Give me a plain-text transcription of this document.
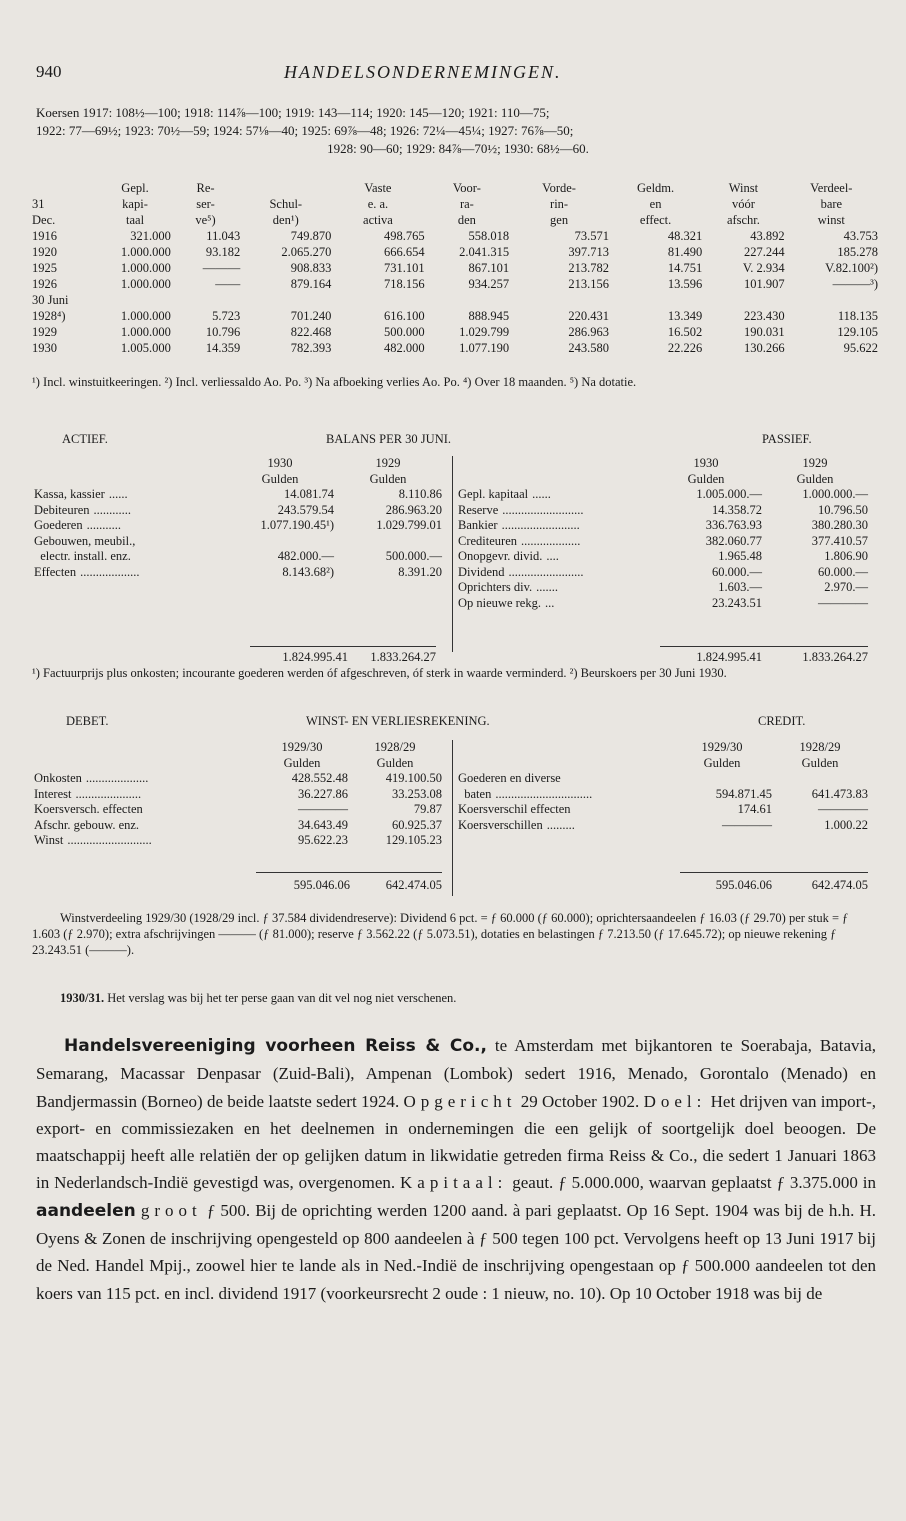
940	HANDELSONDERNEMINGEN.
Koersen 1917: 108½—100; 1918: 114⅞—100; 1919: 143—114; 1920: 145—120; 1921: 110—75;
1922: 77—69½; 1923: 70½—59; 1924: 57⅛—40; 1925: 69⅞—48; 1926: 72¼—45¼; 1927: 76⅞—50;
1928: 90—60; 1929: 84⅞—70½; 1930: 68½—60.
	Gepl.	Re-		Vaste	Voor-	Vorde-	Geldm.	Winst	Verdeel-
31	kapi-	ser-	Schul-	e. a.	ra-	rin-	en	vóór	bare
Dec.	taal	ve⁵)	den¹)	activa	den	gen	effect.	afschr.	winst
1916	321.000	11.043	749.870	498.765	558.018	73.571	48.321	43.892	43.753
1920	1.000.000	93.182	2.065.270	666.654	2.041.315	397.713	81.490	227.244	185.278
1925	1.000.000	———	908.833	731.101	867.101	213.782	14.751	V. 2.934	V.82.100²)
1926	1.000.000	——	879.164	718.156	934.257	213.156	13.596	101.907	———³)
30 Juni									
1928⁴)	1.000.000	5.723	701.240	616.100	888.945	220.431	13.349	223.430	118.135
1929	1.000.000	10.796	822.468	500.000	1.029.799	286.963	16.502	190.031	129.105
1930	1.005.000	14.359	782.393	482.000	1.077.190	243.580	22.226	130.266	95.622
¹) Incl. winstuitkeeringen. ²) Incl. verliessaldo Ao. Po. ³) Na afboeking verlies Ao. Po. ⁴) Over 18 maanden. ⁵) Na dotatie.
ACTIEF.	BALANS PER 30 JUNI.	PASSIEF.
	1930	1929
	Gulden	Gulden
Kassa, kassier ......	14.081.74	8.110.86
Debiteuren ............	243.579.54	286.963.20
Goederen ...........	1.077.190.45¹)	1.029.799.01
Gebouwen, meubil.,		
electr. install. enz.	482.000.—	500.000.—
Effecten ...................	8.143.68²)	8.391.20
	1930	1929
	Gulden	Gulden
Gepl. kapitaal ......	1.005.000.—	1.000.000.—
Reserve ..........................	14.358.72	10.796.50
Bankier .........................	336.763.93	380.280.30
Crediteuren ...................	382.060.77	377.410.57
Onopgevr. divid. ....	1.965.48	1.806.90
Dividend ........................	60.000.—	60.000.—
Oprichters div. .......	1.603.—	2.970.—
Op nieuwe rekg. ...	23.243.51	————
1.824.995.41 1.833.264.27	1.824.995.41	1.833.264.27
¹) Factuurprijs plus onkosten; incourante goederen werden óf afgeschreven, óf sterk in waarde verminderd. ²) Beurskoers per 30 Juni 1930.
DEBET.	WINST- EN VERLIESREKENING.	CREDIT.
	1929/30	1928/29
	Gulden	Gulden
Onkosten ....................	428.552.48	419.100.50
Interest .....................	36.227.86	33.253.08
Koersversch. effecten	————	79.87
Afschr. gebouw. enz.	34.643.49	60.925.37
Winst ...........................	95.622.23	129.105.23
	1929/30	1928/29
	Gulden	Gulden
Goederen en diverse		
baten ...............................	594.871.45	641.473.83
Koersverschil effecten	174.61	————
Koersverschillen .........	————	1.000.22
595.046.06	642.474.05	595.046.06	642.474.05
Winstverdeeling 1929/30 (1928/29 incl. ƒ 37.584 dividendreserve): Dividend 6 pct. = ƒ 60.000 (ƒ 60.000); oprichtersaandeelen ƒ 16.03 (ƒ 29.70) per stuk = ƒ 1.603 (ƒ 2.970); extra afschrijvingen ——— (ƒ 81.000); reserve ƒ 3.562.22 (ƒ 5.073.51), dotaties en belastingen ƒ 7.213.50 (ƒ 17.645.72); op nieuwe rekening ƒ 23.243.51 (———).
1930/31. Het verslag was bij het ter perse gaan van dit vel nog niet verschenen.
Handelsvereeniging voorheen Reiss & Co., te Amsterdam met bijkantoren te Soerabaja, Batavia, Semarang, Macassar Denpasar (Zuid-Bali), Ampenan (Lombok) sedert 1916, Menado, Gorontalo (Menado) en Bandjermassin (Borneo) de beide laatste sedert 1924. Opgericht 29 October 1902. Doel: Het drijven van import-, export- en commissiezaken en het deelnemen in ondernemingen die een gelijk of soortgelijk doel beoogen. De maatschappij heeft alle relatiën der op gelijken datum in likwidatie getreden firma Reiss & Co., die sedert 1 Januari 1863 in Nederlandsch-Indië gevestigd was, overgenomen. Kapitaal: geaut. ƒ 5.000.000, waarvan geplaatst ƒ 3.375.000 in aandeelen groot ƒ 500. Bij de oprichting werden 1200 aand. à pari geplaatst. Op 16 Sept. 1904 was bij de h.h. H. Oyens & Zonen de inschrijving opengesteld op 800 aandeelen à ƒ 500 tegen 100 pct. Vervolgens heeft op 13 Juni 1917 bij de Ned. Handel Mpij., zoowel hier te lande als in Ned.-Indië de inschrijving opengestaan op ƒ 500.000 aandeelen tot den koers van 115 pct. en incl. dividend 1917 (voorkeursrecht 2 oude : 1 nieuw, no. 10). Op 10 October 1918 was bij de
